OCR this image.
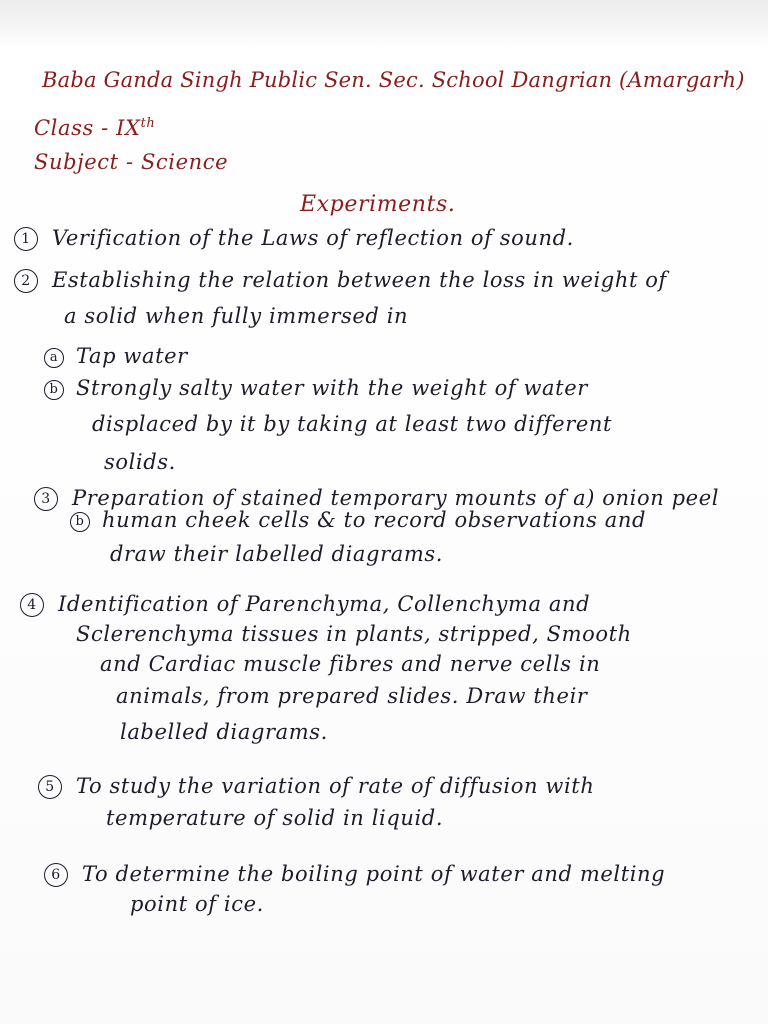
Baba Ganda Singh Public Sen. Sec. School Dangrian (Amargarh)
Class - IXth
Subject - Science
Experiments.
1 Verification of the Laws of reflection of sound.
2 Establishing the relation between the loss in weight of
a solid when fully immersed in
a Tap water
b Strongly salty water with the weight of water
displaced by it by taking at least two different
solids.
3 Preparation of stained temporary mounts of a) onion peel
b human cheek cells & to record observations and
draw their labelled diagrams.
4 Identification of Parenchyma, Collenchyma and
Sclerenchyma tissues in plants, stripped, Smooth
and Cardiac muscle fibres and nerve cells in
animals, from prepared slides. Draw their
labelled diagrams.
5 To study the variation of rate of diffusion with
temperature of solid in liquid.
6 To determine the boiling point of water and melting
point of ice.
